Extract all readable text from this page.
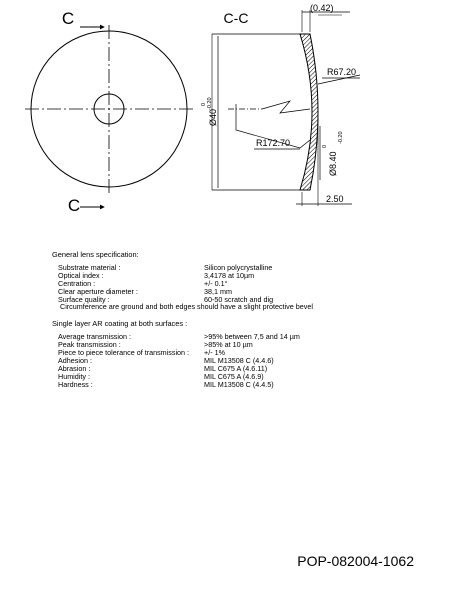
C
C
C-C
(0.42)
2.50
R67.20
R172.70
Ø40
0 -0.20
Ø8.40
0
-0.20
General lens specification:
Substrate material :	Silicon polycrystalline
Optical index :	3,4178 at 10µm
Centration :	+/- 0.1°
Clear aperture diameter :	38,1 mm
Surface quality :	60-50 scratch and dig
Circumference are ground and both edges should have a slight protective bevel
Single layer AR coating at both surfaces :
Average transmission :	>95% between 7,5 and 14 µm
Peak transmission :	>85% at 10 µm
Piece to piece tolerance of transmission : +/- 1%
Adhesion :	MIL M13508 C (4.4.6)
Abrasion :	MIL C675 A (4.6.11)
Humidity :	MIL C675 A (4.6.9)
Hardness :	MIL M13508 C (4.4.5)
POP-082004-1062
